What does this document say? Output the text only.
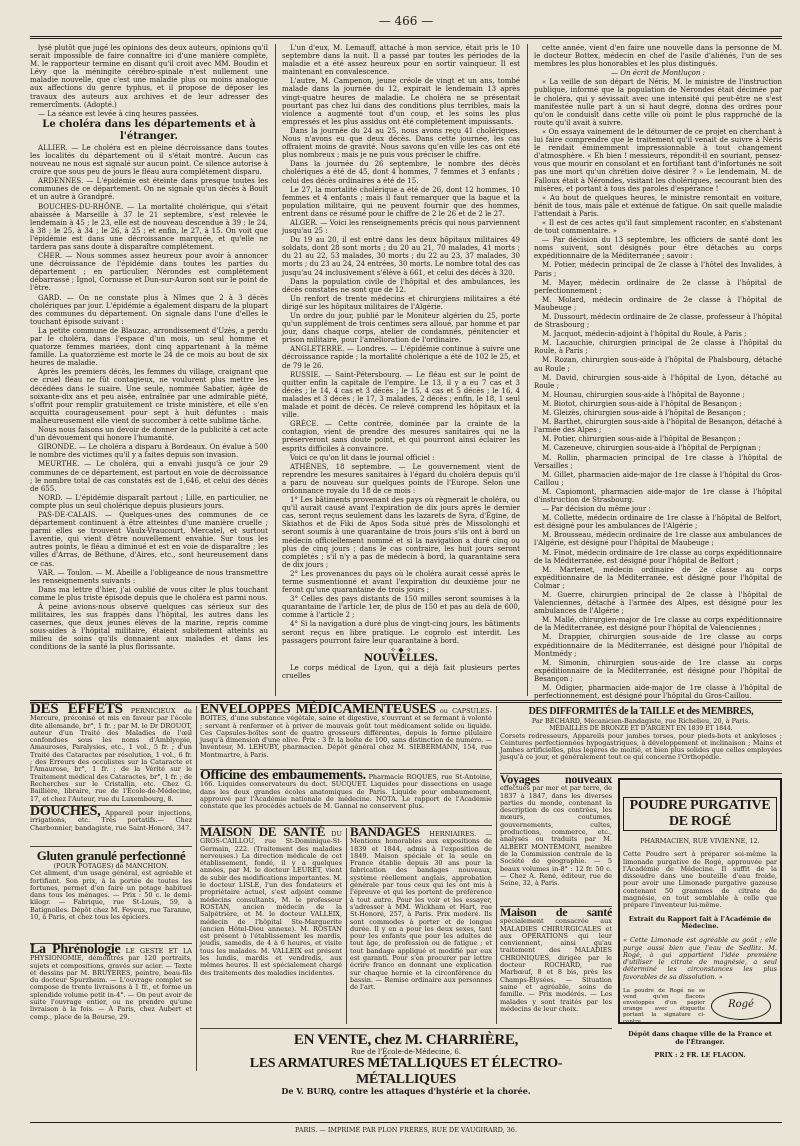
— 466 —

lysé plutôt que jugé les opinions des deux auteurs, opinions qu'il serait impossible de faire connaître ici d'une manière complète, M. le rapporteur termine en disant qu'il croit avec MM. Boudin et Lévy que la méningite cérébro-spinale n'est nullement une maladie nouvelle, que c'est une maladie plus ou moins analogue aux affections du genre typhus, et il propose de déposer les travaux des auteurs aux archives et de leur adresser des remercîments. (Adopté.)

— La séance est levée à cinq heures passées.

Le choléra dans les départements et à l'étranger.

ALLIER. — Le choléra est en pleine décroissance dans toutes les localités du département où il s'était montré. Aucun cas nouveau ne nous est signalé sur aucun point. Ce silence autorise à croire que sous peu de jours le fléau aura complétement disparu.

ARDENNES. — L'épidémie est éteinte dans presque toutes les communes de ce département. On ne signale qu'un décès à Boult et un autre à Grandpré.

BOUCHES-DU-RHÔNE. — La mortalité cholérique, qui s'était abaissée à Marseille à 37 le 21 septembre, s'est relevée le lendemain à 45 ; le 23, elle est de nouveau descendue à 39 ; le 24, à 38 ; le 25, à 34 ; le 26, à 25 ; et enfin, le 27, à 15. On voit que l'épidémie est dans une décroissance marquée, et qu'elle ne tardera pas sans doute à disparaître complétement.

CHER. — Nous sommes assez heureux pour avoir à annoncer une décroissance de l'épidémie dans toutes les parties du département ; en particulier, Nérondes est complétement débarrassé ; Ignol, Cornusse et Dun-sur-Auron sont sur le point de l'être.

GARD. — On ne constate plus à Nîmes que 2 à 3 décès cholériques par jour. L'épidémie a également disparu de la plupart des communes du département. On signale dans l'une d'elles le touchant épisode suivant :

La petite commune de Blauzac, arrondissement d'Uzès, a perdu par le choléra, dans l'espace d'un mois, un seul homme et quatorze femmes mariées, dont cinq appartenant à la même famille. La quatorzième est morte le 24 de ce mois au bout de six heures de maladie.

Après les premiers décès, les femmes du village, craignant que ce cruel fléau ne fût contagieux, ne voulurent plus mettre les décédées dans le suaire. Une seule, nommée Sabatier, âgée de soixante-dix ans et peu aisée, entraînée par une admirable piété, s'offrit pour remplir gratuitement ce triste ministère, et elle s'en acquitta courageusement pour sept à huit défuntes : mais malheureusement elle vient de succomber à cette sublime tâche.

Nous nous faisons un devoir de donner de la publicité à cet acte d'un dévouement qui honore l'humanité.

GIRONDE. — Le choléra a disparu à Bordeaux. On évalue à 500 le nombre des victimes qu'il y a faites depuis son invasion.

MEURTHE. — Le choléra, qui a envahi jusqu'à ce jour 29 communes de ce département, est partout en voie de décroissance ; le nombre total de cas constatés est de 1,646, et celui des décès de 655.

NORD. — L'épidémie disparaît partout ; Lille, en particulier, ne compte plus un seul cholérique depuis plusieurs jours.

PAS-DE-CALAIS. — Quelques-unes des communes de ce département continuent à être atteintes d'une manière cruelle ; parmi elles se trouvent Vaulx-Vraucourt, Mercatel, et surtout Laventie, qui vient d'être nouvellement envahie. Sur tous les autres points, le fléau a diminué et est en voie de disparaître ; les villes d'Arras, de Béthune, d'Aires, etc., sont heureusement dans ce cas.

VAR. — Toulon. — M. Abeille a l'obligeance de nous transmettre les renseignements suivants :

Dans ma lettre d'hier, j'ai oublié de vous citer le plus touchant comme le plus triste épisode depuis que le choléra est parmi nous.

À peine avions-nous observé quelques cas sérieux sur des militaires, les sus frappés dans l'hôpital, les autres dans les casernes, que deux jeunes élèves de la marine, repris comme sous-aides à l'hôpital militaire, étaient subitement atteints au milieu de soins qu'ils donnaient aux malades et dans les conditions de la santé la plus florissante.

L'un d'eux, M. Lemauff, attaché à mon service, était pris le 10 septembre dans la nuit. Il a passé par toutes les périodes de la maladie et a été assez heureux pour en sortir vainqueur. Il est maintenant en convalescence.

L'autre, M. Campenon, jeune créole de vingt et un ans, tombé malade dans la journée du 12, expirait le lendemain 13 après vingt-quatre heures de maladie. Le choléra ne se présentait pourtant pas chez lui dans des conditions plus terribles, mais la violence a augmenté tout d'un coup, et les soins les plus empressés et les plus assidus ont été complétement impuissants.

Dans la journée du 24 au 25, nous avons reçu 41 cholériques. Nous n'avons eu que deux décès. Dans cette journée, les cas offraient moins de gravité. Nous savons qu'en ville les cas ont été plus nombreux ; mais je ne puis vous préciser le chiffre.

Dans la journée du 26 septembre, le nombre des décès cholériques a été de 45, dont 4 hommes, 7 femmes et 3 enfants ; celui des décès ordinaires a été de 15.

Le 27, la mortalité cholérique a été de 26, dont 12 hommes, 10 femmes et 4 enfants ; mais il faut remarquer que la bague et la population militaire, qui ne peuvent fournir que des hommes, entrent dans ce résumé pour le chiffre de 2 le 26 et de 2 le 27.

ALGER. — Voici les renseignements précis qui nous parviennent jusqu'au 25 :

Du 19 au 20, il est entré dans les deux hôpitaux militaires 49 soldats, dont 28 sont morts ; du 20 au 21, 70 malades, 41 morts ; du 21 au 22, 53 malades, 30 morts ; du 22 au 23, 37 malades, 30 morts ; du 23 au 24, 24 entrées, 30 morts. Le nombre total des cas jusqu'au 24 inclusivement s'élève à 661, et celui des décès à 320.

Dans la population civile de l'hôpital et des ambulances, les décès constatés ne sont que de 12.

Un renfort de trente médecins et chirurgiens militaires a été dirigé sur les hôpitaux militaires de l'Algérie.

Un ordre du jour, publié par le Moniteur algérien du 25, porte qu'un supplément de trois centimes sera alloué, par homme et par jour, dans chaque corps, atelier de condamnés, pénitencier et prison militaire, pour l'amélioration de l'ordinaire.

ANGLETERRE. — Londres. — L'épidémie continue à suivre une décroissance rapide ; la mortalité cholérique a été de 102 le 25, et de 79 le 26.

RUSSIE. — Saint-Pétersbourg. — Le fléau est sur le point de quitter enfin la capitale de l'empire. Le 13, il y a eu 7 cas et 3 décès ; le 14, 4 cas et 3 décès ; le 15, 4 cas et 5 décès ; le 16, 4 malades et 3 décès ; le 17, 3 malades, 2 décès ; enfin, le 18, 1 seul malade et point de décès. Ce relevé comprend les hôpitaux et la ville.

GRÈCE. — Cette contrée, dominée par la crainte de la contagion, vient de prendre des mesures sanitaires qui ne la préserveront sans doute point, et qui pourront ainsi éclairer les esprits difficiles à convaincre.

Voici ce qu'on lit dans le journal officiel :

ATHÈNES, 18 septembre. — Le gouvernement vient de reprendre les mesures sanitaires à l'égard du choléra depuis qu'il a paru de nouveau sur quelques points de l'Europe. Selon une ordonnance royale du 18 de ce mois :

1° Les bâtiments provenant des pays où règnerait le choléra, ou qu'il aurait causé avant l'expiration de dix jours après le dernier cas, seront reçus seulement dans les lazarets de Syra, d'Égine, de Skiathos et de Fiki de Apos Soda situé près de Missolonghi et seront soumis à une quarantaine de trois jours s'ils ont à bord un médecin officiellement nommé et si la navigation a duré cinq ou plus de cinq jours ; dans le cas contraire, les huit jours seront complétés ; s'il n'y a pas de médecin à bord, la quarantaine sera de dix jours ;

2° Les provenances du pays où le choléra aurait cessé après le terme susmentionné et avant l'expiration du deuxième jour ne feront qu'une quarantaine de trois jours ;

3° Celles des pays distants de 150 milles seront soumises à la quarantaine de l'article 1er, de plus de 150 et pas au delà de 600, comme à l'article 2 ;

4° Si la navigation a duré plus de vingt-cinq jours, les bâtiments seront reçus en libre pratique. Le coprolo est interdit. Les passagers pourront faire leur quarantaine à bord.

✧ ◆ ✧

NOUVELLES.

Le corps médical de Lyon, qui a déjà fait plusieurs pertes cruelles

cette année, vient d'en faire une nouvelle dans la personne de M. le docteur Bottex, médecin en chef de l'asile d'aliénés, l'un de ses membres les plus honorables et les plus distingués.

— On écrit de Montluçon :

« La veille de son départ de Néris, M. le ministre de l'instruction publique, informé que la population de Nérondes était décimée par le choléra, qui y sévissait avec une intensité qui peut-être ne s'est manifestée nulle part à un si haut degré, donna des ordres pour qu'on le conduisît dans cette ville où point le plus rapproché de la route qu'il avait à suivre.

« On essaya vainement de le détourner de ce projet en cherchant à lui faire comprendre que le traitement qu'il venait de suivre à Néris le rendait éminemment impressionnable à tout changement d'atmosphère. « Eh bien ! messieurs, répondit-il en souriant, pensez-vous que mourir en consolant et en fortifiant tant d'infortunés ne soit pas une mort qu'un chrétien doive désirer ? » Le lendemain, M. de Falloux était à Nérondes, visitant les cholériques, secourant bien des misères, et portant à tous des paroles d'espérance !

« Au bout de quelques heures, le ministre remontait en voiture, bénit de tous, mais pâle et exténué de fatigue. On sait quelle maladie l'attendait à Paris.

« Il est de ces actes qu'il faut simplement raconter, en s'abstenant de tout commentaire. »

— Par décision du 13 septembre, les officiers de santé dont les noms suivent, sont désignés pour être détachés au corps expéditionnaire de la Méditerranée ; savoir :

M. Potier, médecin principal de 2e classe à l'hôtel des Invalides, à Paris ;

M. Mayer, médecin ordinaire de 2e classe à l'hôpital de perfectionnement ;

M. Molard, médecin ordinaire de 2e classe à l'hôpital de Maubeuge ;

M. Dussourt, médecin ordinaire de 2e classe, professeur à l'hôpital de Strasbourg ;

M. Jacquot, médecin-adjoint à l'hôpital du Roule, à Paris ;

M. Lacauchie, chirurgien principal de 2e classe à l'hôpital du Roule, à Paris ;

M. Rozan, chirurgien sous-aide à l'hôpital de Phalsbourg, détaché au Roule ;

M. David, chirurgien sous-aide à l'hôpital de Lyon, détaché au Roule ;

M. Hounau, chirurgien sous-aide à l'hôpital de Bayonne ;

M. Biotot, chirurgien sous-aide à l'hôpital de Besançon ;

M. Gleizès, chirurgien sous-aide à l'hôpital de Besançon ;

M. Barthet, chirurgien sous-aide à l'hôpital de Besançon, détaché à l'armée des Alpes ;

M. Potier, chirurgien sous-aide à l'hôpital de Besançon ;

M. Cazeneuve, chirurgien sous-aide à l'hôpital de Perpignan ;

M. Rollin, pharmacien principal de 1re classe à l'hôpital de Versailles ;

M. Gillet, pharmacien aide-major de 1re classe à l'hôpital du Gros-Caillou ;

M. Capiomont, pharmacien aide-major de 1re classe à l'hôpital d'instruction de Strasbourg.

— Par décision du même jour :

M. Collette, médecin ordinaire de 1re classe à l'hôpital de Belfort, est désigné pour les ambulances de l'Algérie ;

M. Brousseau, médecin ordinaire de 1re classe aux ambulances de l'Algérie, est désigné pour l'hôpital de Maubeuge ;

M. Finot, médecin ordinaire de 1re classe au corps expéditionnaire de la Méditerranée, est désigné pour l'hôpital de Belfort ;

M. Martenet, médecin ordinaire de 2e classe au corps expéditionnaire de la Méditerranée, est désigné pour l'hôpital de Colmar ;

M. Guerre, chirurgien principal de 2e classe à l'hôpital de Valenciennes, détaché à l'armée des Alpes, est désigné pour les ambulances de l'Algérie ;

M. Mallé, chirurgien-major de 1re classe au corps expéditionnaire de la Méditerranée, est désigné pour l'hôpital de Valenciennes ;

M. Drappier, chirurgien sous-aide de 1re classe au corps expéditionnaire de la Méditerranée, est désigné pour l'hôpital de Montmédy ;

M. Simonin, chirurgien sous-aide de 1re classe au corps expéditionnaire de la Méditerranée, est désigné pour l'hôpital de Besançon ;

M. Odigier, pharmacien aide-major de 1re classe à l'hôpital de perfectionnement, est désigné pour l'hôpital du Gros-Caillou.

DES EFFETS PERNICIEUX du Mercure, préconisé et mis en faveur par l'école dite allemande, br°, 1 fr. ; par M. le Dr DROUOT, auteur d'un Traité des Maladies de l'œil confondues sous les noms d'Amblyopie, Amauroses, Paralysies, etc., 1 vol., 5 fr. ; d'un Traité des Cataractes par résolution, 1 vol., 6 fr. ; des Erreurs des occulistes sur la Cataracte et l'Amaurose, br°, 1 fr. ; de la Vérité sur le Traitement médical des Cataractes, br°, 1 fr. ; de Recherches sur le Cristallin, etc. Chez G. Baillière, libraire, rue de l'École-de-Médecine, 17, et chez l'Auteur, rue du Luxembourg, 8.

DOUCHES, Appareil pour injections, irrigations, etc. Très portatifs.— Chez Charbonnier, bandagiste, rue Saint-Honoré, 347.

Gluten granulé perfectionné

(POUR POTAGES) de MANCHION.

Cet aliment, d'un usage général, est agréable et fortifiant. Son prix, à la portée de toutes les fortunes, permet d'en faire un potage habituel dans tous les ménages. — Prix : 50 c. le demi-kilogr. — Fabrique, rue St-Louis, 59, à Batignolles. Dépôt chez M. Feyeux, rue Taranne, 10, à Paris, et chez tous les épiciers.

La Phrénologie LE GESTE ET LA PHYSIONOMIE, démontrés par 120 portraits, sujets et compositions, gravés sur acier. — Texte et dessins par M. BRUYERES, peintre, beau-fils du docteur Spurzheim. — L'ouvrage complet se compose de trente livraisons à 1 fr., et forme un splendide volume petit in-4°. — On peut avoir de suite l'ouvrage entier, ou ne prendre qu'une livraison à la fois. — À Paris, chez Aubert et comp., place de la Bourse, 29.

ENVELOPPES MÉDICAMENTEUSES ou CAPSULES-BOITES, d'une substance végétale, saine et digestive, s'ouvrant et se fermant à volonté ; servant à renfermer et à priver de mauvais goût tout médicament solide ou liquide. Ces Capsules-boîtes sont de quatre grosseurs différentes, depuis la forme pilulaire jusqu'à dimension d'une olive. Prix : 3 fr. la boîte de 100, sans distinction de numéro. — Inventeur, M. LEHUBY, pharmacien. Dépôt général chez M. SIEBERMANN, 154, rue Montmartre, à Paris.

Officine des embaumements. Pharmacie ROQUES, rue St-Antoine, 166. Liquides conservateurs du doct. SUCQUET. Liquides pour dissections en usage dans les deux grandes écoles anatomiques de Paris. Liquide pour embaumement, approuvé par l'Académie nationale de médecine. NOTA. Le rapport de l'Académie constate que les procédés actuels de M. Gannal ne conservent plus.

MAISON DE SANTÉ DU GROS-CAILLOU, rue St-Dominique-St-Germain, 222. (Traitement des maladies nerveuses.) La direction médicale de cet établissement, fondé, il y a quelques années, par M. le docteur LEURET, vient de subir des modifications importantes. M. le docteur LISLE, l'un des fondateurs et propriétaire actuel, s'est adjoint comme médecins consultants, M. le professeur ROSTAN, ancien médecin de la Salpêtrière, et M. le docteur VALLEIX, médecin de l'hôpital Ste-Marguerite (ancien Hôtel-Dieu annexe). M. ROSTAN est présent à l'établissement les mardis, jeudis, samedis, de 4 à 6 heures, et visite tous les malades. M. VALLEIX est présent les lundis, mardis et vendredis, aux mêmes heures. Il est spécialement chargé des traitements des maladies incidentes.

BANDAGES HERNIAIRES. — Mentions honorables aux expositions de 1839 et 1844, admis à l'exposition de 1849. Maison spéciale et la seule en France établie depuis 30 ans pour la fabrication des bandages nouveaux, système réellement anglais, approbation générale par tous ceux qui les ont mis à l'épreuve et qui les portent de préférence à tout autre. Pour les voir et les essayer, s'adresser à MM. Wickham et Hart, rue St-Honoré, 257, à Paris. Prix modéré. Ils sont commodes à porter et de longue durée. Il y en a pour les deux sexes, tant pour les enfants que pour les adultes de tout âge, de profession ou de fatigue ; et tout bandage appliqué et modifié par eux est garanti. Pour s'en procurer par lettre écrire franco en donnant une explication sur chaque hernie et la circonférence du bassin. — Remise ordinaire aux personnes de l'art.

DES DIFFORMITÉS de la TAILLE et des MEMBRES,

Par BÉCHARD, Mécanicien-Bandagiste, rue Richelieu, 20, à Paris.

MÉDAILLES DE BRONZE ET D'ARGENT EN 1839 ET 1844.

Corsets redresseurs, Appareils pour jambes torses, pour pieds-bots et ankyloses ; Ceintures perfectionnées hypogastriques, à développement et inclinaison ; Mains et Jambes artificielles, plus légères de moitié, et bien plus solides que celles employées jusqu'à ce jour, et généralement tout ce qui concerne l'Orthopédie.

Voyages nouveaux effectués par mer et par terre, de 1837 à 1847, dans les diverses parties du monde, contenant la description de ces contrées, les mœurs, coutumes, gouvernements, cultes, productions, commerce, etc., analysés ou traduits par M. ALBERT MONTÉMONT, membre de la Commission centrale de la Société de géographie. — 5 beaux volumes in-8° : 12 fr. 50 c. — Chez A. René, éditeur, rue de Seine, 32, à Paris.

Maison de santé spécialement consacrée aux MALADIES CHIRURGICALES et aux OPÉRATIONS qui leur conviennent, ainsi qu'au traitement des MALADIES CHRONIQUES, dirigée par le docteur ROCHARD, rue Marbœuf, 8 et 8 bis, près les Champs-Élysées. — Situation saine et agréable, soins de famille. — Prix modérés. — Les malades y sont traités par les médecins de leur choix.

POUDRE PURGATIVE DE ROGÉ

PHARMACIEN, RUE VIVIENNE, 12.

Cette Poudre sert à préparer soi-même la limonade purgative de Rogé, approuvée par l'Académie de Médecine. Il suffit de la dissoudre dans une bouteille d'eau froide, pour avoir une Limonade purgative gazeuse contenant 50 grammes de citrate de magnésie, en tout semblable à celle que prépare l'inventeur lui-même.

Extrait du Rapport fait à l'Académie de Médecine.

« Cette Limonade est agréable au goût ; elle purge aussi bien que l'eau de Sedlitz. M. Rogé, à qui appartient l'idée première d'utiliser le citrate de magnésie, a seul déterminé les circonstances les plus favorables de sa dissolution. »

La poudre de Rogé ne se vend qu'en flacons enveloppés d'un papier orange avec étiquette portant la signature ci-contre.
Rogé

Dépôt dans chaque ville de la France et de l'Étranger.

PRIX : 2 FR. LE FLACON.

EN VENTE, chez M. CHARRIÈRE,

Rue de l'École-de-Médecine, 6.

LES ARMATURES MÉTALLIQUES ET ÉLECTRO-MÉTALLIQUES

De V. BURQ, contre les attaques d'hystérie et la chorée.

PARIS. — IMPRIMÉ PAR PLON FRÈRES, RUE DE VAUGIRARD, 36.
